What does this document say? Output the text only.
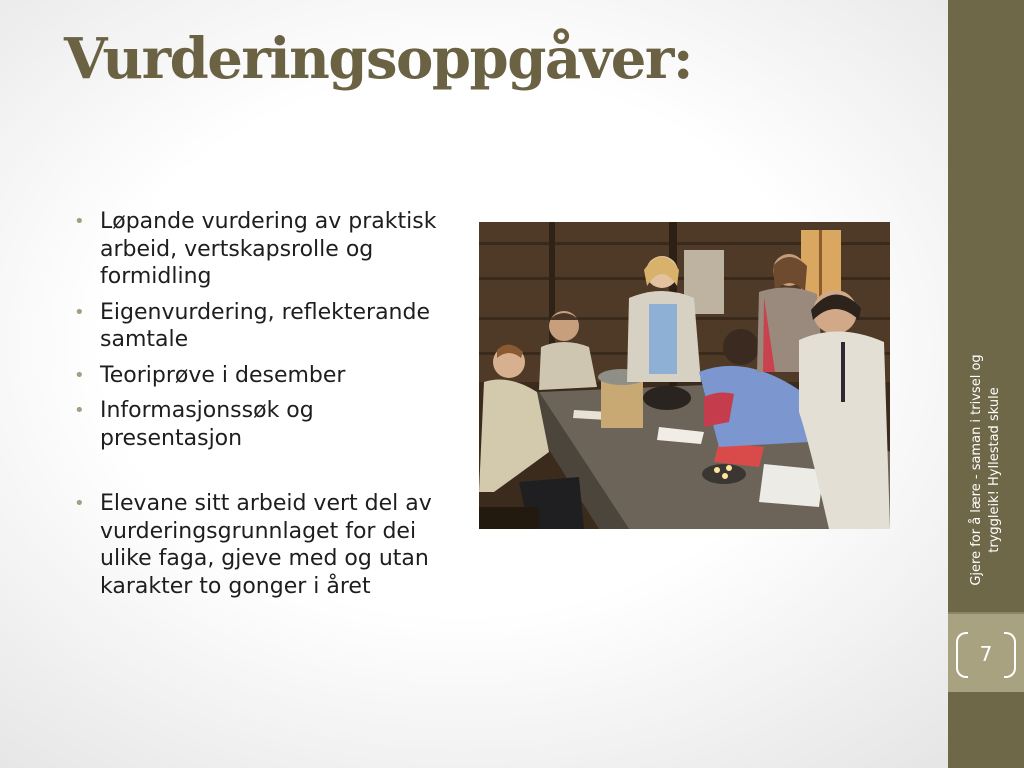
Vurderingsoppgåver:
• Løpande vurdering av praktisk arbeid, vertskapsrolle og formidling
• Eigenvurdering, reflekterande samtale
• Teoriprøve i desember
• Informasjonssøk og presentasjon
• Elevane sitt arbeid vert del av vurderingsgrunnlaget for dei ulike faga, gjeve med og utan karakter to gonger i året
7
Gjere for å lære - saman i trivsel og tryggleik! Hyllestad skule
